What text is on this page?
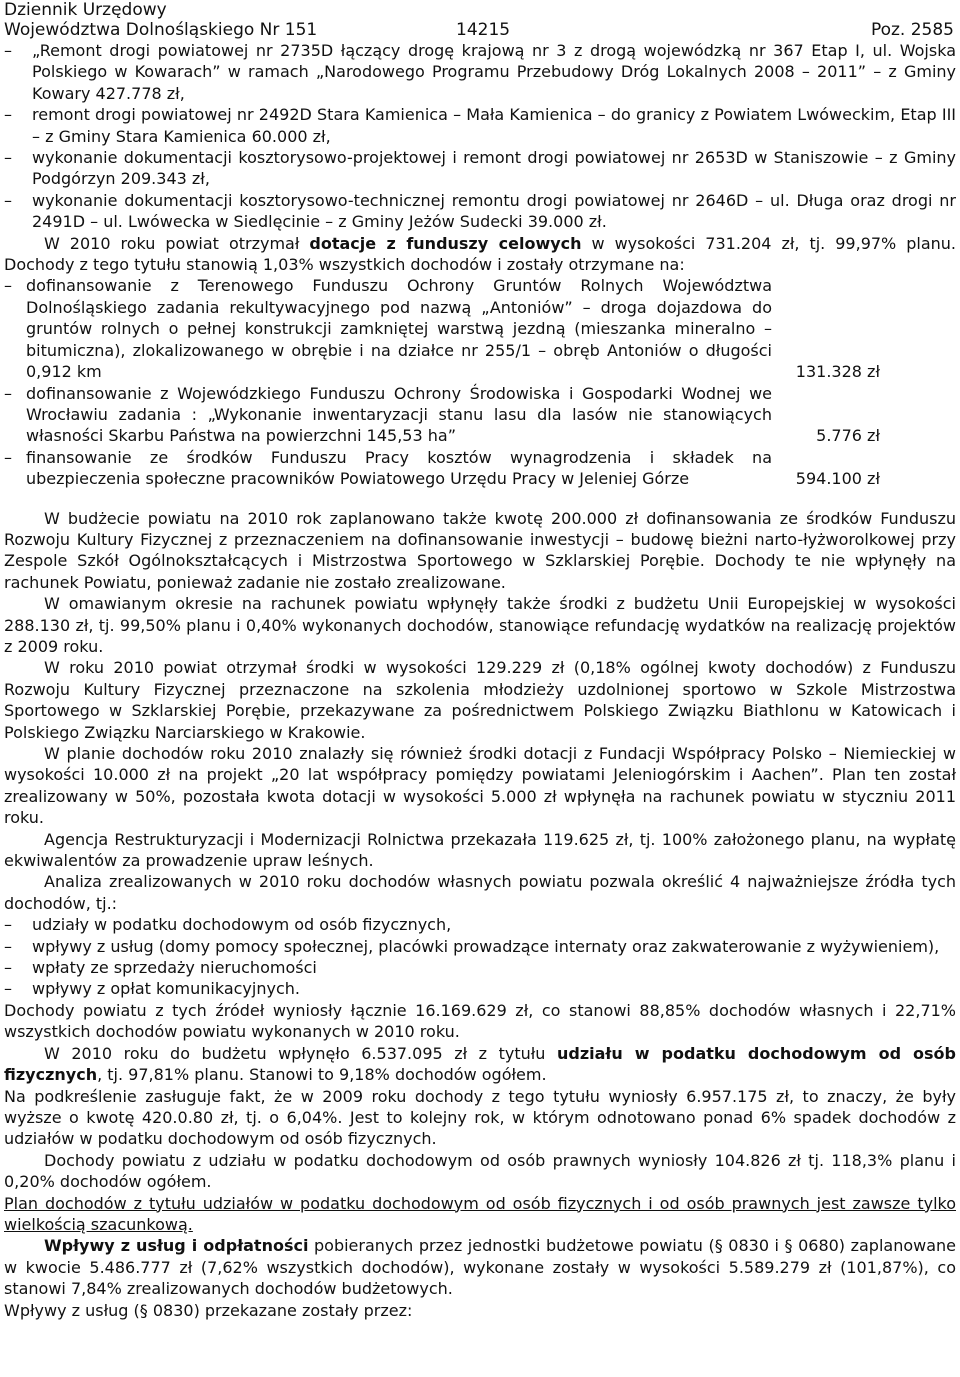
Dziennik Urzędowy
Województwa Dolnośląskiego Nr 151	14215	Poz. 2585

– „Remont drogi powiatowej nr 2735D łączący drogę krajową nr 3 z drogą wojewódzką nr 367 Etap I, ul. Wojska Polskiego w Kowarach” w ramach „Narodowego Programu Przebudowy Dróg Lokalnych 2008 – 2011” – z Gminy Kowary 427.778 zł,

– remont drogi powiatowej nr 2492D Stara Kamienica – Mała Kamienica – do granicy z Powiatem Lwóweckim, Etap III – z Gminy Stara Kamienica 60.000 zł,

– wykonanie dokumentacji kosztorysowo-projektowej i remont drogi powiatowej nr 2653D w Staniszowie – z Gminy Podgórzyn 209.343 zł,

– wykonanie dokumentacji kosztorysowo-technicznej remontu drogi powiatowej nr 2646D – ul. Długa oraz drogi nr 2491D – ul. Lwówecka w Siedlęcinie – z Gminy Jeżów Sudecki 39.000 zł.

W 2010 roku powiat otrzymał dotacje z funduszy celowych w wysokości 731.204 zł, tj. 99,97% planu. Dochody z tego tytułu stanowią 1,03% wszystkich dochodów i zostały otrzymane na:

– dofinansowanie z Terenowego Funduszu Ochrony Gruntów Rolnych Województwa Dolnośląskiego zadania rekultywacyjnego pod nazwą „Antoniów” – droga dojazdowa do gruntów rolnych o pełnej konstrukcji zamkniętej warstwą jezdną (mieszanka mineralno – bitumiczna), zlokalizowanego w obrębie i na działce nr 255/1 – obręb Antoniów o długości 0,912 km	131.328 zł
– dofinansowanie z Wojewódzkiego Funduszu Ochrony Środowiska i Gospodarki Wodnej we Wrocławiu zadania : „Wykonanie inwentaryzacji stanu lasu dla lasów nie stanowiących własności Skarbu Państwa na powierzchni 145,53 ha”	5.776 zł
– finansowanie ze środków Funduszu Pracy kosztów wynagrodzenia i składek na ubezpieczenia społeczne pracowników Powiatowego Urzędu Pracy w Jeleniej Górze	594.100 zł

W budżecie powiatu na 2010 rok zaplanowano także kwotę 200.000 zł dofinansowania ze środków Funduszu Rozwoju Kultury Fizycznej z przeznaczeniem na dofinansowanie inwestycji – budowę bieżni narto-łyżworolkowej przy Zespole Szkół Ogólnokształcących i Mistrzostwa Sportowego w Szklarskiej Porębie. Dochody te nie wpłynęły na rachunek Powiatu, ponieważ zadanie nie zostało zrealizowane.

W omawianym okresie na rachunek powiatu wpłynęły także środki z budżetu Unii Europejskiej w wysokości 288.130 zł, tj. 99,50% planu i 0,40% wykonanych dochodów, stanowiące refundację wydatków na realizację projektów z 2009 roku.

W roku 2010 powiat otrzymał środki w wysokości 129.229 zł (0,18% ogólnej kwoty dochodów) z Funduszu Rozwoju Kultury Fizycznej przeznaczone na szkolenia młodzieży uzdolnionej sportowo w Szkole Mistrzostwa Sportowego w Szklarskiej Porębie, przekazywane za pośrednictwem Polskiego Związku Biathlonu w Katowicach i Polskiego Związku Narciarskiego w Krakowie.

W planie dochodów roku 2010 znalazły się również środki dotacji z Fundacji Współpracy Polsko – Niemieckiej w wysokości 10.000 zł na projekt „20 lat współpracy pomiędzy powiatami Jeleniogórskim i Aachen”. Plan ten został zrealizowany w 50%, pozostała kwota dotacji w wysokości 5.000 zł wpłynęła na rachunek powiatu w styczniu 2011 roku.

Agencja Restrukturyzacji i Modernizacji Rolnictwa przekazała 119.625 zł, tj. 100% założonego planu, na wypłatę ekwiwalentów za prowadzenie upraw leśnych.

Analiza zrealizowanych w 2010 roku dochodów własnych powiatu pozwala określić 4 najważniejsze źródła tych dochodów, tj.:

– udziały w podatku dochodowym od osób fizycznych,

– wpływy z usług (domy pomocy społecznej, placówki prowadzące internaty oraz zakwaterowanie z wyżywieniem),

– wpłaty ze sprzedaży nieruchomości

– wpływy z opłat komunikacyjnych.

Dochody powiatu z tych źródeł wyniosły łącznie 16.169.629 zł, co stanowi 88,85% dochodów własnych i 22,71% wszystkich dochodów powiatu wykonanych w 2010 roku.

W 2010 roku do budżetu wpłynęło 6.537.095 zł z tytułu udziału w podatku dochodowym od osób fizycznych, tj. 97,81% planu. Stanowi to 9,18% dochodów ogółem.

Na podkreślenie zasługuje fakt, że w 2009 roku dochody z tego tytułu wyniosły 6.957.175 zł, to znaczy, że były wyższe o kwotę 420.0.80 zł, tj. o 6,04%. Jest to kolejny rok, w którym odnotowano ponad 6% spadek dochodów z udziałów w podatku dochodowym od osób fizycznych.

Dochody powiatu z udziału w podatku dochodowym od osób prawnych wyniosły 104.826 zł tj. 118,3% planu i 0,20% dochodów ogółem.

Plan dochodów z tytułu udziałów w podatku dochodowym od osób fizycznych i od osób prawnych jest zawsze tylko wielkością szacunkową.

Wpływy z usług i odpłatności pobieranych przez jednostki budżetowe powiatu (§ 0830 i § 0680) zaplanowane w kwocie 5.486.777 zł (7,62% wszystkich dochodów), wykonane zostały w wysokości 5.589.279 zł (101,87%), co stanowi 7,84% zrealizowanych dochodów budżetowych.

Wpływy z usług (§ 0830) przekazane zostały przez:
